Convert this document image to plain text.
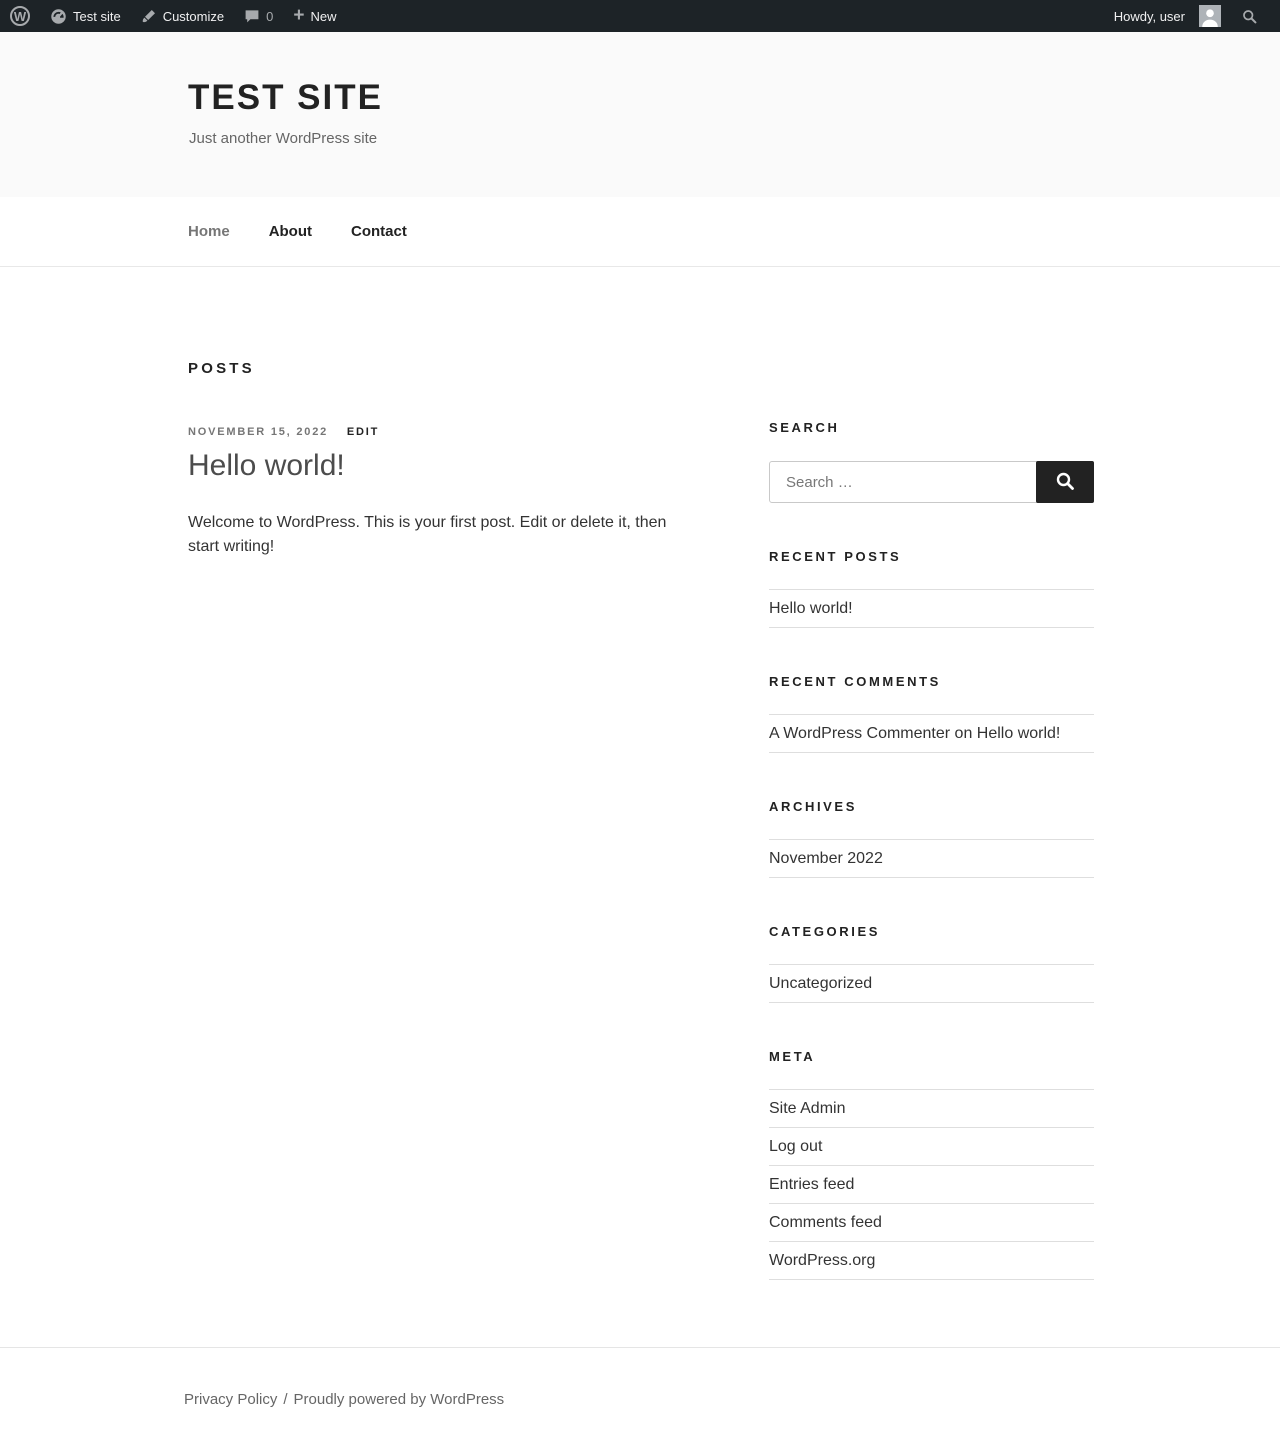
W	Test site	Customize	0 + New	Howdy, user
TEST SITE
Just another WordPress site
Home	About	Contact
POSTS
NOVEMBER 15, 2022 EDIT
Hello world!

Welcome to WordPress. This is your first post. Edit or delete it, then start writing!

SEARCH
Search …
RECENT POSTS
Hello world!
RECENT COMMENTS
A WordPress Commenter on Hello world!
ARCHIVES
November 2022
CATEGORIES
Uncategorized
META
Site Admin
Log out
Entries feed
Comments feed
WordPress.org
Privacy Policy / Proudly powered by WordPress
